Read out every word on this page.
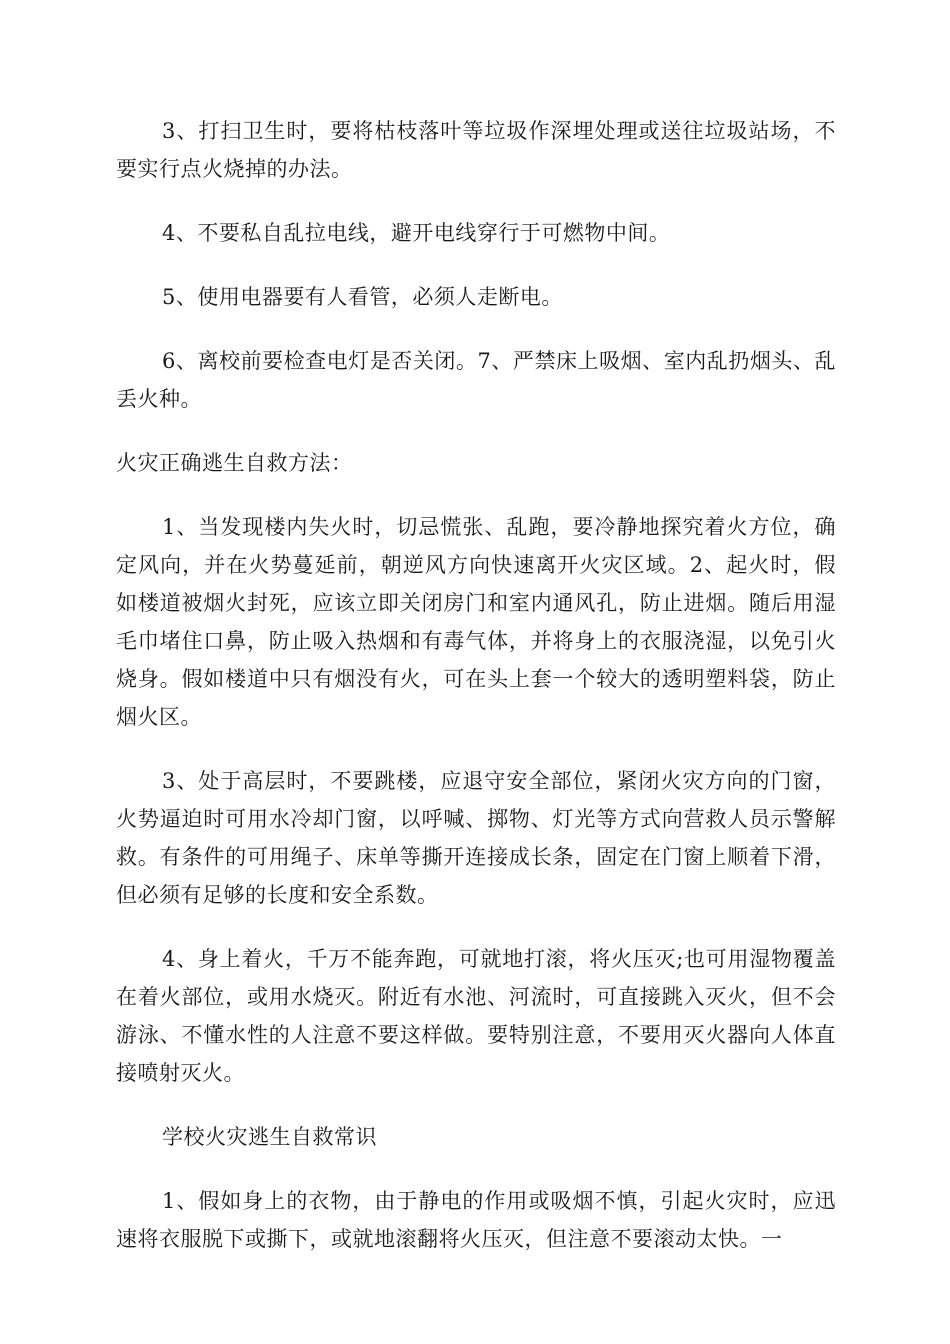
3、打扫卫生时，要将枯枝落叶等垃圾作深埋处理或送往垃圾站场，不要实行点火烧掉的办法。

4、不要私自乱拉电线，避开电线穿行于可燃物中间。

5、使用电器要有人看管，必须人走断电。

6、离校前要检查电灯是否关闭。7、严禁床上吸烟、室内乱扔烟头、乱丢火种。

火灾正确逃生自救方法：

1、当发现楼内失火时，切忌慌张、乱跑，要冷静地探究着火方位，确定风向，并在火势蔓延前，朝逆风方向快速离开火灾区域。2、起火时，假如楼道被烟火封死，应该立即关闭房门和室内通风孔，防止进烟。随后用湿毛巾堵住口鼻，防止吸入热烟和有毒气体，并将身上的衣服浇湿，以免引火烧身。假如楼道中只有烟没有火，可在头上套一个较大的透明塑料袋，防止烟火区。

3、处于高层时，不要跳楼，应退守安全部位，紧闭火灾方向的门窗，火势逼迫时可用水冷却门窗，以呼喊、掷物、灯光等方式向营救人员示警解救。有条件的可用绳子、床单等撕开连接成长条，固定在门窗上顺着下滑，但必须有足够的长度和安全系数。

4、身上着火，千万不能奔跑，可就地打滚，将火压灭;也可用湿物覆盖在着火部位，或用水烧灭。附近有水池、河流时，可直接跳入灭火，但不会游泳、不懂水性的人注意不要这样做。要特别注意，不要用灭火器向人体直接喷射灭火。

学校火灾逃生自救常识

1、假如身上的衣物，由于静电的作用或吸烟不慎，引起火灾时，应迅速将衣服脱下或撕下，或就地滚翻将火压灭，但注意不要滚动太快。一
